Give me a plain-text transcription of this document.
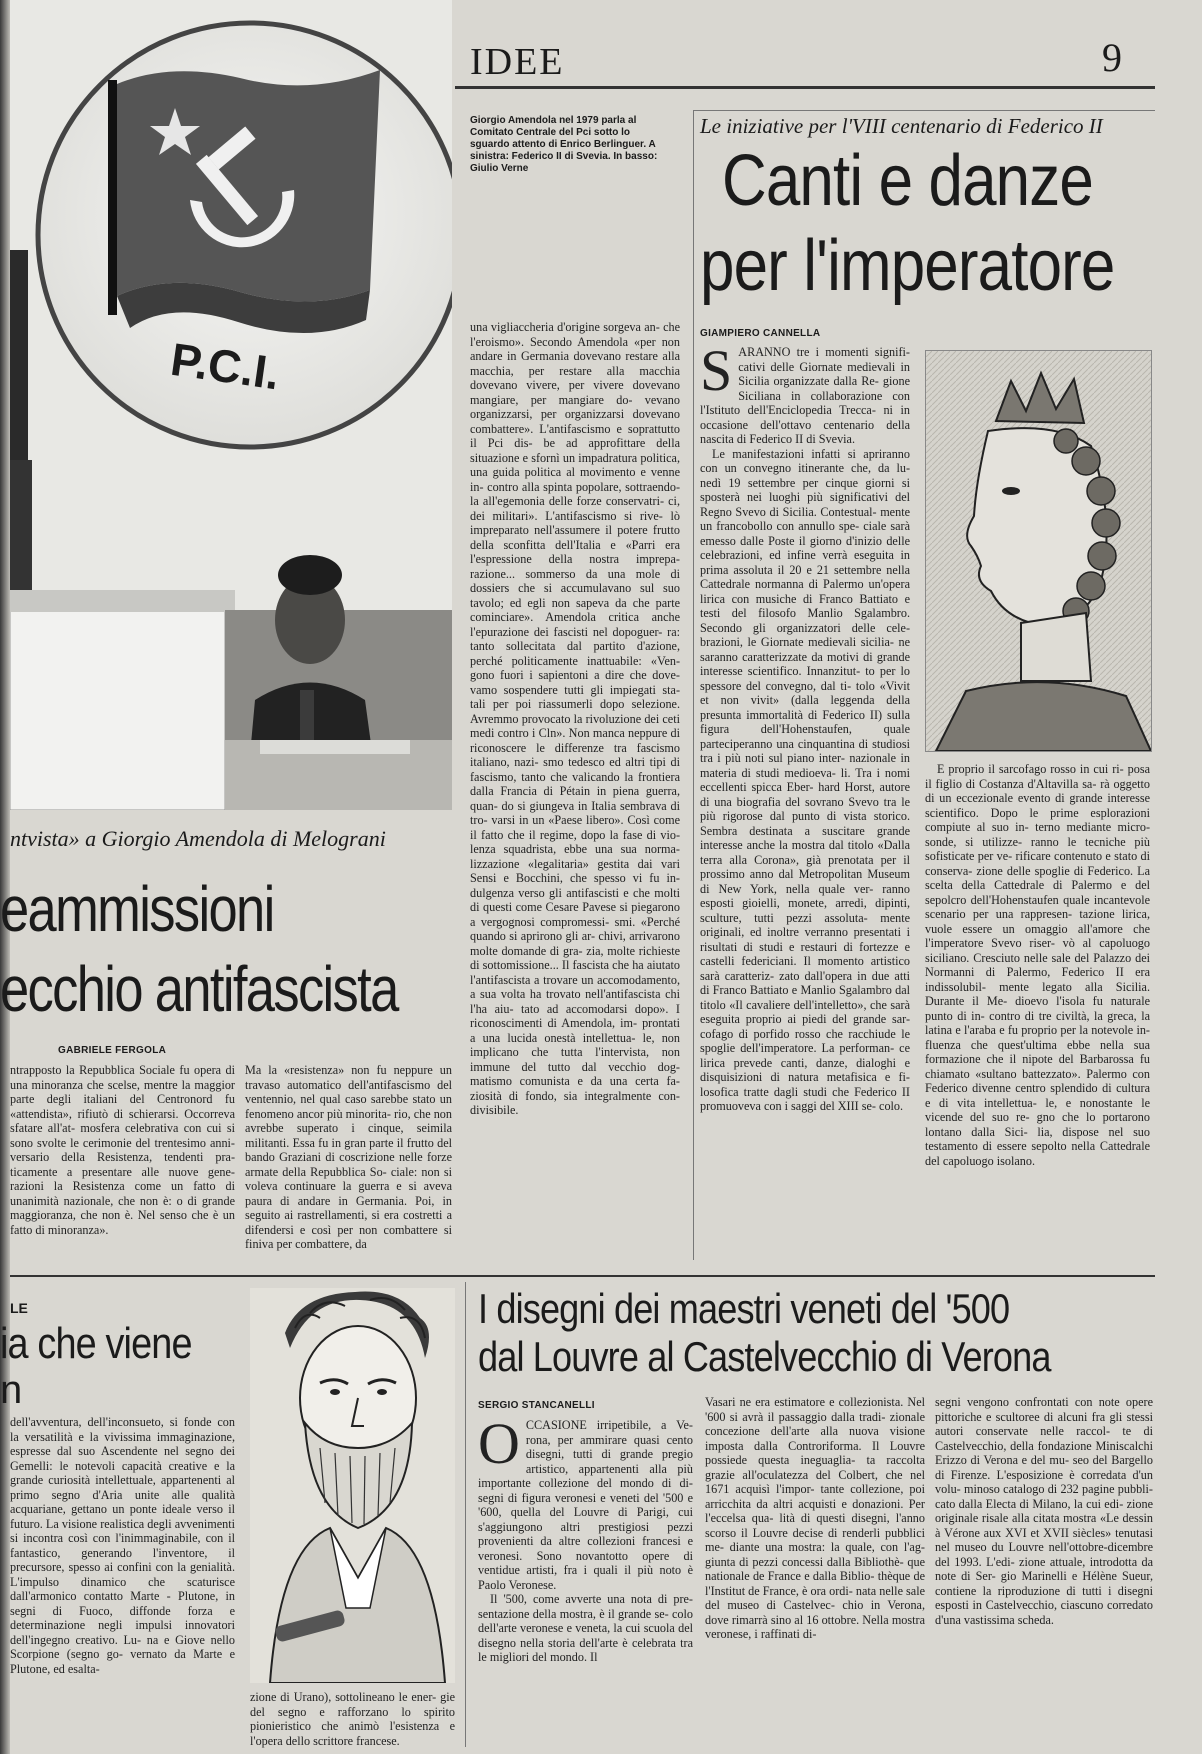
P.C.I.
Giorgio Amendola nel 1979 parla al Comitato Centrale del Pci sotto lo sguardo attento di Enrico Berlinguer. A sinistra: Federico II di Svevia. In basso: Giulio Verne
IDEE	9
Le iniziative per l'VIII centenario di Federico II
Canti e danze
per l'imperatore
GIAMPIERO CANNELLA
S ARANNO tre i momenti signifi- cativi delle Giornate medievali in Sicilia organizzate dalla Re- gione Siciliana in collaborazione con l'Istituto dell'Enciclopedia Trecca- ni in occasione dell'ottavo centenario della nascita di Federico II di Svevia.

Le manifestazioni infatti si apriranno con un convegno itinerante che, da lu- nedì 19 settembre per cinque giorni si sposterà nei luoghi più significativi del Regno Svevo di Sicilia. Contestual- mente un francobollo con annullo spe- ciale sarà emesso dalle Poste il giorno d'inizio delle celebrazioni, ed infine verrà eseguita in prima assoluta il 20 e 21 settembre nella Cattedrale normanna di Palermo un'opera lirica con musiche di Franco Battiato e testi del filosofo Manlio Sgalambro. Secondo gli organizzatori delle cele- brazioni, le Giornate medievali sicilia- ne saranno caratterizzate da motivi di grande interesse scientifico. Innanzitut- to per lo spessore del convegno, dal ti- tolo «Vivit et non vivit» (dalla leggenda della presunta immortalità di Federico II) sulla figura dell'Hohenstaufen, quale parteciperanno una cinquantina di studiosi tra i più noti sul piano inter- nazionale in materia di studi medioeva- li. Tra i nomi eccellenti spicca Eber- hard Horst, autore di una biografia del sovrano Svevo tra le più rigorose dal punto di vista storico. Sembra destinata a suscitare grande interesse anche la mostra dal titolo «Dalla terra alla Corona», già prenotata per il prossimo anno dal Metropolitan Museum di New York, nella quale ver- ranno esposti gioielli, monete, arredi, dipinti, sculture, tutti pezzi assoluta- mente originali, ed inoltre verranno presentati i risultati di studi e restauri di fortezze e castelli federiciani. Il momento artistico sarà caratteriz- zato dall'opera in due atti di Franco Battiato e Manlio Sgalambro dal titolo «Il cavaliere dell'intelletto», che sarà eseguita proprio ai piedi del grande sar- cofago di porfido rosso che racchiude le spoglie dell'imperatore. La performan- ce lirica prevede canti, danze, dialoghi e disquisizioni di natura metafisica e fi- losofica tratte dagli studi che Federico II promuoveva con i saggi del XIII se- colo.

E proprio il sarcofago rosso in cui ri- posa il figlio di Costanza d'Altavilla sa- rà oggetto di un eccezionale evento di grande interesse scientifico. Dopo le prime esplorazioni compiute al suo in- terno mediante micro-sonde, si utilizze- ranno le tecniche più sofisticate per ve- rificare contenuto e stato di conserva- zione delle spoglie di Federico. La scelta della Cattedrale di Palermo e del sepolcro dell'Hohenstaufen quale incantevole scenario per una rappresen- tazione lirica, vuole essere un omaggio all'amore che l'imperatore Svevo riser- vò al capoluogo siciliano. Cresciuto nelle sale del Palazzo dei Normanni di Palermo, Federico II era indissolubil- mente legato alla Sicilia. Durante il Me- dioevo l'isola fu naturale punto di in- contro di tre civiltà, la greca, la latina e l'araba e fu proprio per la notevole in- fluenza che quest'ultima ebbe nella sua formazione che il nipote del Barbarossa fu chiamato «sultano battezzato». Palermo con Federico divenne centro splendido di cultura e di vita intellettua- le, e nonostante le vicende del suo re- gno che lo portarono lontano dalla Sici- lia, dispose nel suo testamento di essere sepolto nella Cattedrale del capoluogo isolano.

una vigliaccheria d'origine sorgeva an- che l'eroismo». Secondo Amendola «per non andare in Germania dovevano restare alla macchia, per restare alla macchia dovevano vivere, per vivere dovevano mangiare, per mangiare do- vevano organizzarsi, per organizzarsi dovevano combattere». L'antifascismo e soprattutto il Pci dis- be ad approfittare della situazione e sfornì un impadratura politica, una guida politica al movimento e venne in- contro alla spinta popolare, sottraendo- la all'egemonia delle forze conservatri- ci, dei militari». L'antifascismo si rive- lò impreparato nell'assumere il potere frutto della sconfitta dell'Italia e «Parri era l'espressione della nostra imprepa- razione... sommerso da una mole di dossiers che si accumulavano sul suo tavolo; ed egli non sapeva da che parte cominciare». Amendola critica anche l'epurazione dei fascisti nel dopoguer- ra: tanto sollecitata dal partito d'azione, perché politicamente inattuabile: «Ven- gono fuori i sapientoni a dire che dove- vamo sospendere tutti gli impiegati sta- tali per poi riassumerli dopo selezione. Avremmo provocato la rivoluzione dei ceti medi contro i Cln». Non manca neppure di riconoscere le differenze tra fascismo italiano, nazi- smo tedesco ed altri tipi di fascismo, tanto che valicando la frontiera dalla Francia di Pétain in piena guerra, quan- do si giungeva in Italia sembrava di tro- varsi in un «Paese libero». Così come il fatto che il regime, dopo la fase di vio- lenza squadrista, ebbe una sua norma- lizzazione «legalitaria» gestita dai vari Sensi e Bocchini, che spesso vi fu in- dulgenza verso gli antifascisti e che molti di questi come Cesare Pavese si piegarono a vergognosi compromessi- smi. «Perché quando si aprirono gli ar- chivi, arrivarono molte domande di gra- zia, molte richieste di sottomissione... Il fascista che ha aiutato l'antifascista a trovare un accomodamento, a sua volta ha trovato nell'antifascista chi l'ha aiu- tato ad accomodarsi dopo». I riconoscimenti di Amendola, im- prontati a una lucida onestà intellettua- le, non implicano che tutta l'intervista, non immune del tutto dal vecchio dog- matismo comunista e da una certa fa- ziosità di fondo, sia integralmente con- divisibile.

ntvista» a Giorgio Amendola di Melograni
eammissioni
ecchio antifascista
GABRIELE FERGOLA

ntrapposto la Repubblica Sociale fu opera di una minoranza che scelse, mentre la maggior parte degli italiani del Centronord fu «attendista», rifiutò di schierarsi. Occorreva sfatare all'at- mosfera celebrativa con cui si sono svolte le cerimonie del trentesimo anni- versario della Resistenza, tendenti pra- ticamente a presentare alle nuove gene- razioni la Resistenza come un fatto di unanimità nazionale, che non è: o di grande maggioranza, che non è. Nel senso che è un fatto di minoranza».

Ma la «resistenza» non fu neppure un travaso automatico dell'antifascismo del ventennio, nel qual caso sarebbe stato un fenomeno ancor più minorita- rio, che non avrebbe superato i cinque, seimila militanti. Essa fu in gran parte il frutto del bando Graziani di coscrizione nelle forze armate della Repubblica So- ciale: non si voleva continuare la guerra e si aveva paura di andare in Germania. Poi, in seguito ai rastrellamenti, si era costretti a difendersi e così per non combattere si finiva per combattere, da

LE
ia che viene
n

dell'avventura, dell'inconsueto, si fonde con la versatilità e la vivissima immaginazione, espresse dal suo Ascendente nel segno dei Gemelli: le notevoli capacità creative e la grande curiosità intellettuale, appartenenti al primo segno d'Aria unite alle qualità acquariane, gettano un ponte ideale verso il futuro. La visione realistica degli avvenimenti si incontra così con l'inimmaginabile, con il fantastico, generando l'inventore, il precursore, spesso ai confini con la genialità. L'impulso dinamico che scaturisce dall'armonico contatto Marte - Plutone, in segni di Fuoco, diffonde forza e determinazione negli impulsi innovatori dell'ingegno creativo. Lu- na e Giove nello Scorpione (segno go- vernato da Marte e Plutone, ed esalta-

zione di Urano), sottolineano le ener- gie del segno e rafforzano lo spirito pionieristico che animò l'esistenza e l'opera dello scrittore francese.

I disegni dei maestri veneti del '500
dal Louvre al Castelvecchio di Verona
SERGIO STANCANELLI
O CCASIONE irripetibile, a Ve- rona, per ammirare quasi cento disegni, tutti di grande pregio artistico, appartenenti alla più importante collezione del mondo di di- segni di figura veronesi e veneti del '500 e '600, quella del Louvre di Parigi, cui s'aggiungono altri prestigiosi pezzi provenienti da altre collezioni francesi e veronesi. Sono novantotto opere di ventidue artisti, fra i quali il più noto è Paolo Veronese.

Il '500, come avverte una nota di pre- sentazione della mostra, è il grande se- colo dell'arte veronese e veneta, la cui scuola del disegno nella storia dell'arte è celebrata tra le migliori del mondo. Il

Vasari ne era estimatore e collezionista. Nel '600 si avrà il passaggio dalla tradi- zionale concezione dell'arte alla nuova visione imposta dalla Controriforma. Il Louvre possiede questa ineguaglia- ta raccolta grazie all'oculatezza del Colbert, che nel 1671 acquisì l'impor- tante collezione, poi arricchita da altri acquisti e donazioni. Per l'eccelsa qua- lità di questi disegni, l'anno scorso il Louvre decise di renderli pubblici me- diante una mostra: la quale, con l'ag- giunta di pezzi concessi dalla Bibliothè- que nationale de France e dalla Biblio- thèque de l'Institut de France, è ora ordi- nata nelle sale del museo di Castelvec- chio in Verona, dove rimarrà sino al 16 ottobre. Nella mostra veronese, i raffinati di-

segni vengono confrontati con note opere pittoriche e scultoree di alcuni fra gli stessi autori conservate nelle raccol- te di Castelvecchio, della fondazione Miniscalchi Erizzo di Verona e del mu- seo del Bargello di Firenze. L'esposizione è corredata d'un volu- minoso catalogo di 232 pagine pubbli- cato dalla Electa di Milano, la cui edi- zione originale risale alla citata mostra «Le dessin à Vérone aux XVI et XVII siècles» tenutasi nel museo du Louvre nell'ottobre-dicembre del 1993. L'edi- zione attuale, introdotta da note di Ser- gio Marinelli e Hélène Sueur, contiene la riproduzione di tutti i disegni esposti in Castelvecchio, ciascuno corredato d'una vastissima scheda.
